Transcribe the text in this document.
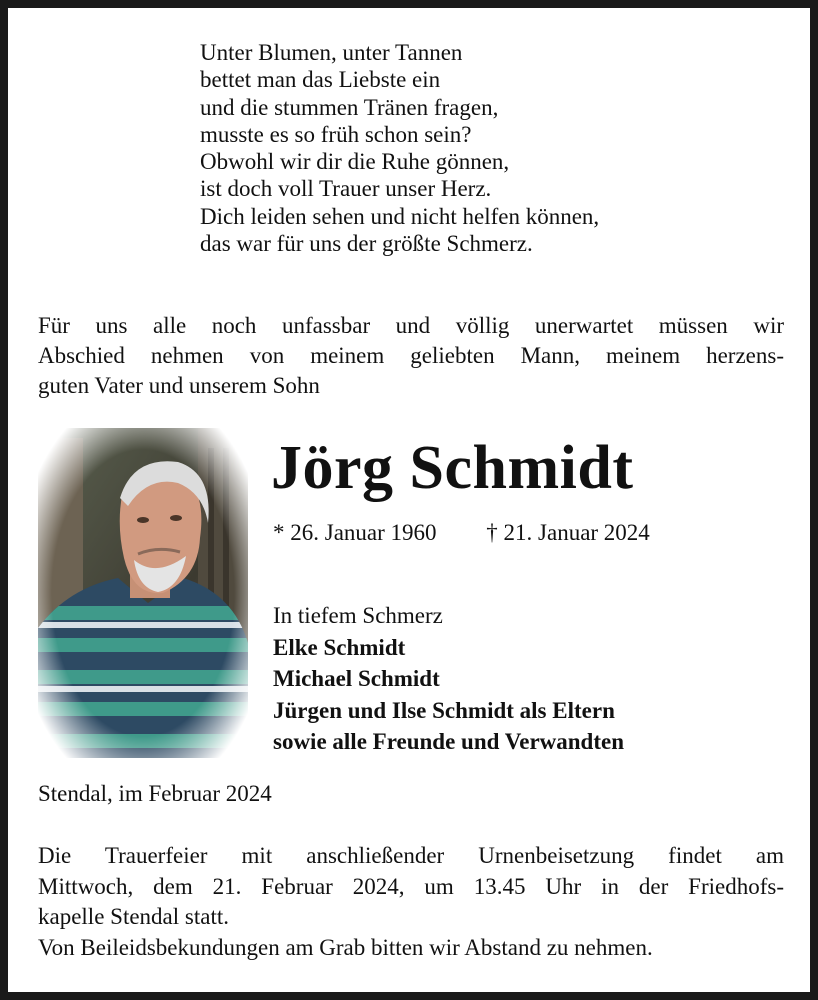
Unter Blumen, unter Tannen
bettet man das Liebste ein
und die stummen Tränen fragen,
musste es so früh schon sein?
Obwohl wir dir die Ruhe gönnen,
ist doch voll Trauer unser Herz.
Dich leiden sehen und nicht helfen können,
das war für uns der größte Schmerz.
Für uns alle noch unfassbar und völlig unerwartet müssen wir
Abschied nehmen von meinem geliebten Mann, meinem herzens-
guten Vater und unserem Sohn
Jörg Schmidt
* 26. Januar 1960 † 21. Januar 2024
In tiefem Schmerz
Elke Schmidt
Michael Schmidt
Jürgen und Ilse Schmidt als Eltern
sowie alle Freunde und Verwandten
Stendal, im Februar 2024
Die Trauerfeier mit anschließender Urnenbeisetzung findet am
Mittwoch, dem 21. Februar 2024, um 13.45 Uhr in der Friedhofs-
kapelle Stendal statt.
Von Beileidsbekundungen am Grab bitten wir Abstand zu nehmen.
